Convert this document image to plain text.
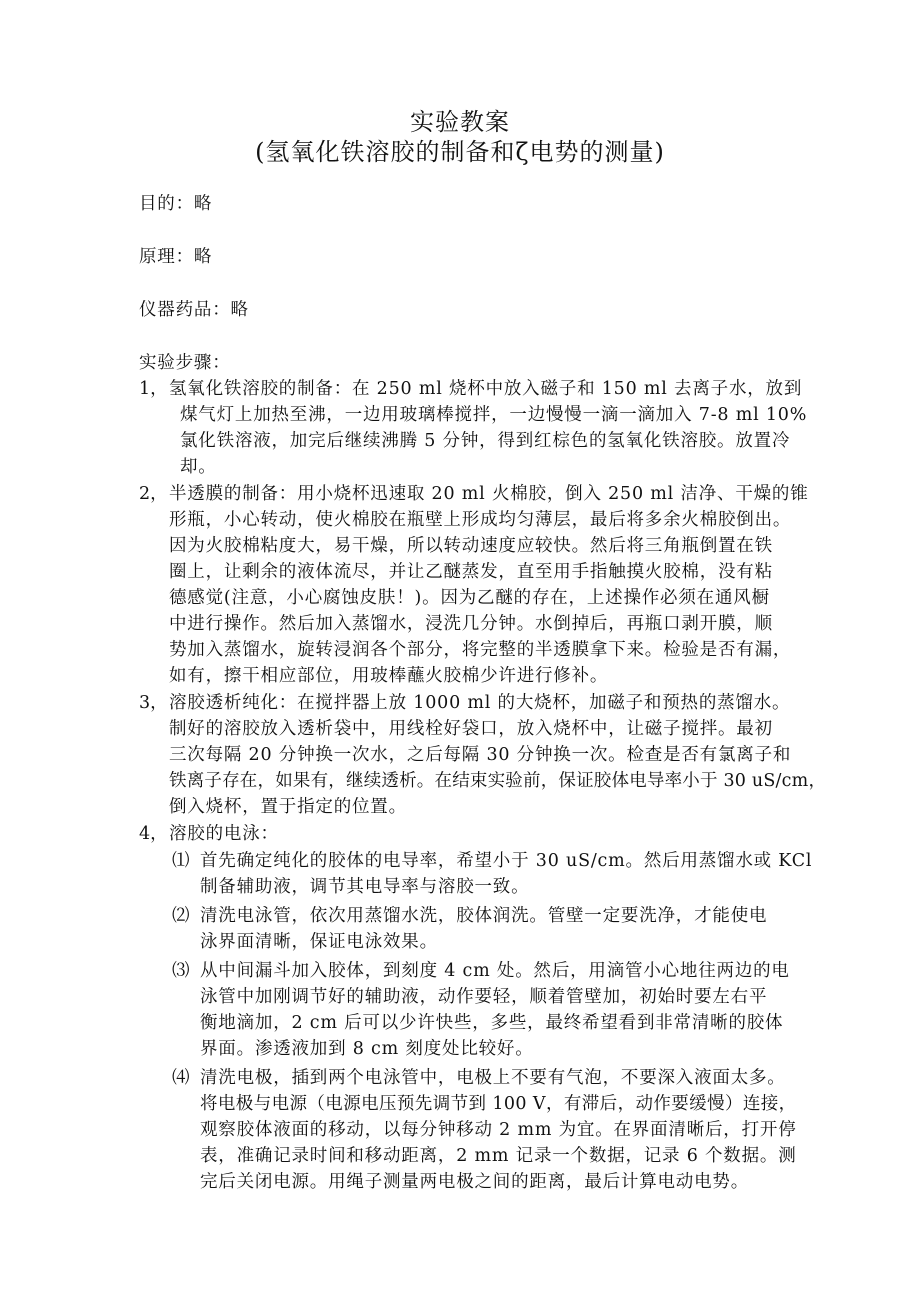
实验教案
(氢氧化铁溶胶的制备和ζ电势的测量)
目的：略
原理：略
仪器药品：略
实验步骤：
1， 氢氧化铁溶胶的制备：在 250 ml 烧杯中放入磁子和 150 ml 去离子水，放到
煤气灯上加热至沸，一边用玻璃棒搅拌，一边慢慢一滴一滴加入 7-8 ml 10%
氯化铁溶液，加完后继续沸腾 5 分钟，得到红棕色的氢氧化铁溶胶。放置冷
却。
2， 半透膜的制备：用小烧杯迅速取 20 ml 火棉胶，倒入 250 ml 洁净、干燥的锥
形瓶，小心转动，使火棉胶在瓶壁上形成均匀薄层，最后将多余火棉胶倒出。
因为火胶棉粘度大，易干燥，所以转动速度应较快。然后将三角瓶倒置在铁
圈上，让剩余的液体流尽，并让乙醚蒸发，直至用手指触摸火胶棉，没有粘
德感觉(注意，小心腐蚀皮肤！)。因为乙醚的存在，上述操作必须在通风橱
中进行操作。然后加入蒸馏水，浸洗几分钟。水倒掉后，再瓶口剥开膜，顺
势加入蒸馏水，旋转浸润各个部分，将完整的半透膜拿下来。检验是否有漏，
如有，擦干相应部位，用玻棒蘸火胶棉少许进行修补。
3， 溶胶透析纯化：在搅拌器上放 1000 ml 的大烧杯，加磁子和预热的蒸馏水。
制好的溶胶放入透析袋中，用线栓好袋口，放入烧杯中，让磁子搅拌。最初
三次每隔 20 分钟换一次水，之后每隔 30 分钟换一次。检查是否有氯离子和
铁离子存在，如果有，继续透析。在结束实验前，保证胶体电导率小于 30 uS/cm，
倒入烧杯，置于指定的位置。
4， 溶胶的电泳：
⑴ 首先确定纯化的胶体的电导率，希望小于 30 uS/cm。然后用蒸馏水或 KCl
制备辅助液，调节其电导率与溶胶一致。
⑵ 清洗电泳管，依次用蒸馏水洗，胶体润洗。管壁一定要洗净，才能使电
泳界面清晰，保证电泳效果。
⑶ 从中间漏斗加入胶体，到刻度 4 cm 处。然后，用滴管小心地往两边的电
泳管中加刚调节好的辅助液，动作要轻，顺着管壁加，初始时要左右平
衡地滴加，2 cm 后可以少许快些，多些，最终希望看到非常清晰的胶体
界面。渗透液加到 8 cm 刻度处比较好。
⑷ 清洗电极，插到两个电泳管中，电极上不要有气泡，不要深入液面太多。
将电极与电源（电源电压预先调节到 100 V，有滞后，动作要缓慢）连接，
观察胶体液面的移动，以每分钟移动 2 mm 为宜。在界面清晰后，打开停
表，准确记录时间和移动距离，2 mm 记录一个数据，记录 6 个数据。测
完后关闭电源。用绳子测量两电极之间的距离，最后计算电动电势。
